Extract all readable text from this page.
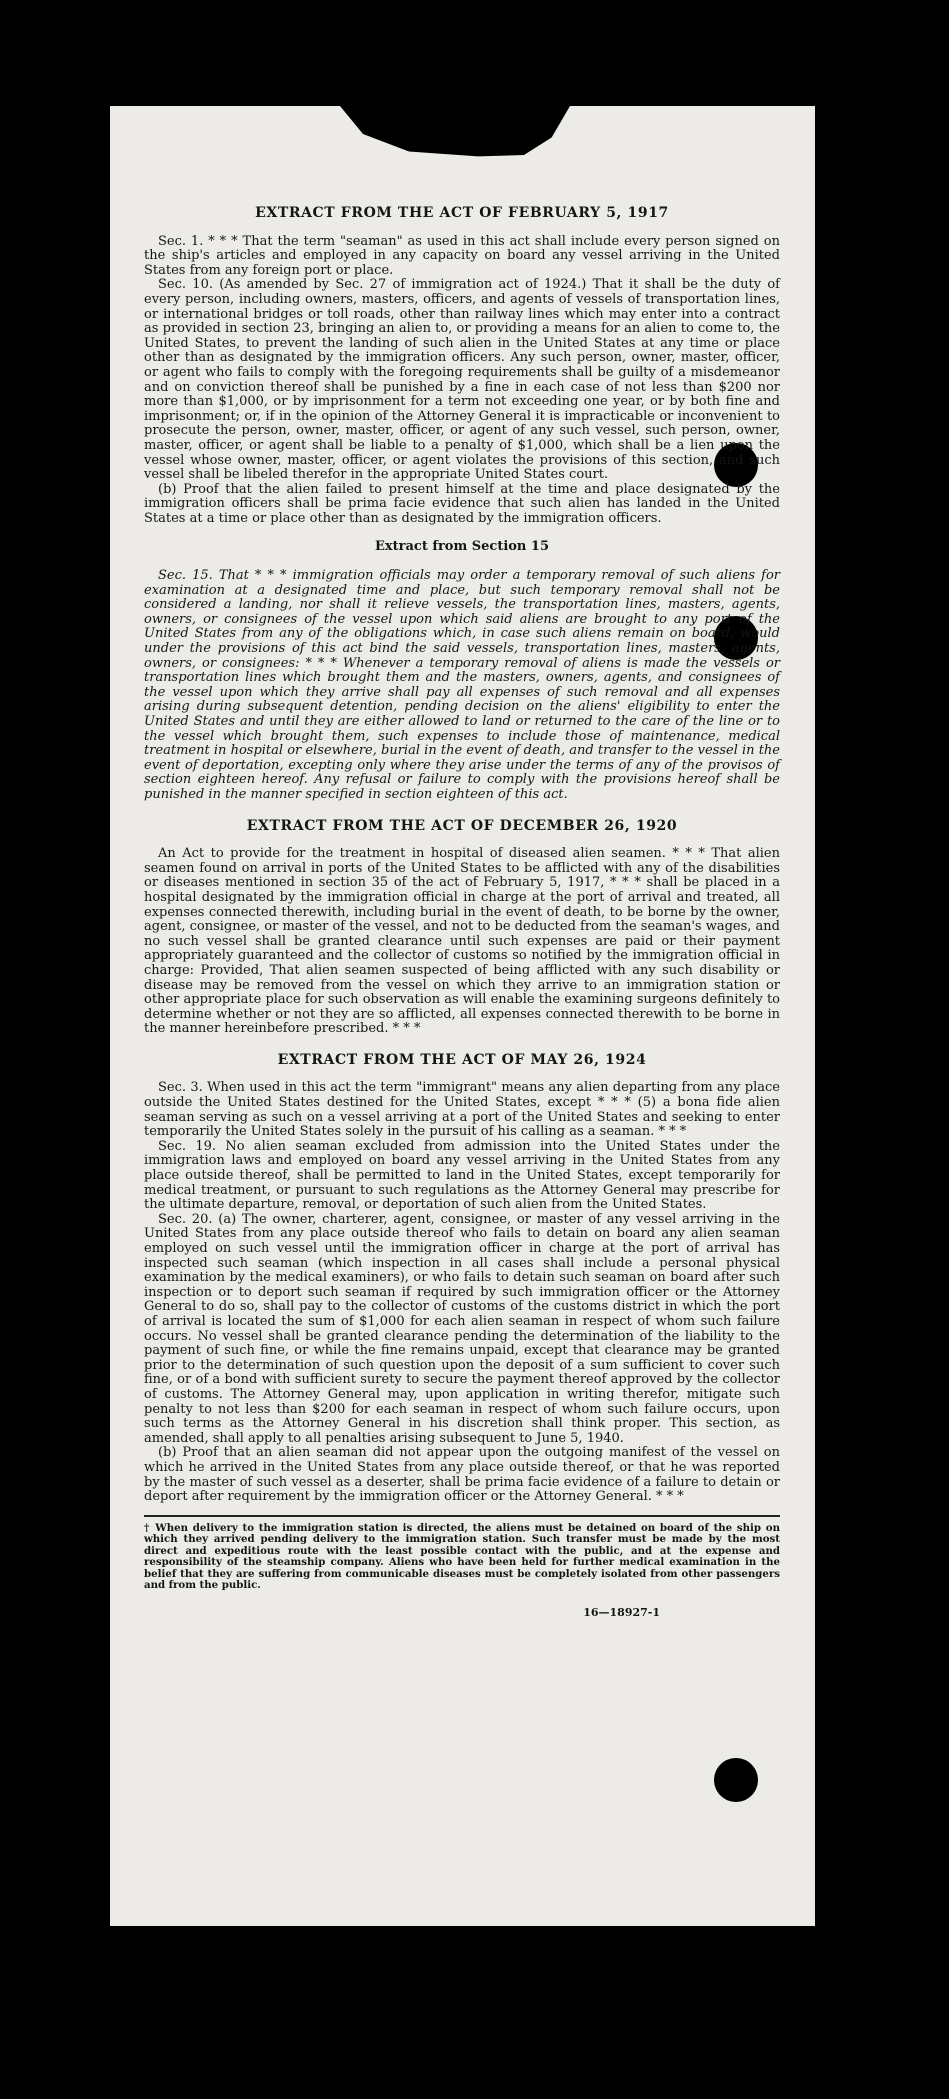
EXTRACT FROM THE ACT OF FEBRUARY 5, 1917

Sec. 1. * * * That the term "seaman" as used in this act shall include every person signed on the ship's articles and employed in any capacity on board any vessel arriving in the United States from any foreign port or place.

Sec. 10. (As amended by Sec. 27 of immigration act of 1924.) That it shall be the duty of every person, including owners, masters, officers, and agents of vessels of transportation lines, or international bridges or toll roads, other than railway lines which may enter into a contract as provided in section 23, bringing an alien to, or providing a means for an alien to come to, the United States, to prevent the landing of such alien in the United States at any time or place other than as designated by the immigration officers. Any such person, owner, master, officer, or agent who fails to comply with the foregoing requirements shall be guilty of a misdemeanor and on conviction thereof shall be punished by a fine in each case of not less than $200 nor more than $1,000, or by imprisonment for a term not exceeding one year, or by both fine and imprisonment; or, if in the opinion of the Attorney General it is impracticable or inconvenient to prosecute the person, owner, master, officer, or agent of any such vessel, such person, owner, master, officer, or agent shall be liable to a penalty of $1,000, which shall be a lien upon the vessel whose owner, master, officer, or agent violates the provisions of this section, and such vessel shall be libeled therefor in the appropriate United States court.

(b) Proof that the alien failed to present himself at the time and place designated by the immigration officers shall be prima facie evidence that such alien has landed in the United States at a time or place other than as designated by the immigration officers.

Extract from Section 15

Sec. 15. That * * * immigration officials may order a temporary removal of such aliens for examination at a designated time and place, but such temporary removal shall not be considered a landing, nor shall it relieve vessels, the transportation lines, masters, agents, owners, or consignees of the vessel upon which said aliens are brought to any port of the United States from any of the obligations which, in case such aliens remain on board, would under the provisions of this act bind the said vessels, transportation lines, masters, agents, owners, or consignees: * * * Whenever a temporary removal of aliens is made the vessels or transportation lines which brought them and the masters, owners, agents, and consignees of the vessel upon which they arrive shall pay all expenses of such removal and all expenses arising during subsequent detention, pending decision on the aliens' eligibility to enter the United States and until they are either allowed to land or returned to the care of the line or to the vessel which brought them, such expenses to include those of maintenance, medical treatment in hospital or elsewhere, burial in the event of death, and transfer to the vessel in the event of deportation, excepting only where they arise under the terms of any of the provisos of section eighteen hereof. Any refusal or failure to comply with the provisions hereof shall be punished in the manner specified in section eighteen of this act.

EXTRACT FROM THE ACT OF DECEMBER 26, 1920

An Act to provide for the treatment in hospital of diseased alien seamen. * * * That alien seamen found on arrival in ports of the United States to be afflicted with any of the disabilities or diseases mentioned in section 35 of the act of February 5, 1917, * * * shall be placed in a hospital designated by the immigration official in charge at the port of arrival and treated, all expenses connected therewith, including burial in the event of death, to be borne by the owner, agent, consignee, or master of the vessel, and not to be deducted from the seaman's wages, and no such vessel shall be granted clearance until such expenses are paid or their payment appropriately guaranteed and the collector of customs so notified by the immigration official in charge: Provided, That alien seamen suspected of being afflicted with any such disability or disease may be removed from the vessel on which they arrive to an immigration station or other appropriate place for such observation as will enable the examining surgeons definitely to determine whether or not they are so afflicted, all expenses connected therewith to be borne in the manner hereinbefore prescribed. * * *

EXTRACT FROM THE ACT OF MAY 26, 1924

Sec. 3. When used in this act the term "immigrant" means any alien departing from any place outside the United States destined for the United States, except * * * (5) a bona fide alien seaman serving as such on a vessel arriving at a port of the United States and seeking to enter temporarily the United States solely in the pursuit of his calling as a seaman. * * *

Sec. 19. No alien seaman excluded from admission into the United States under the immigration laws and employed on board any vessel arriving in the United States from any place outside thereof, shall be permitted to land in the United States, except temporarily for medical treatment, or pursuant to such regulations as the Attorney General may prescribe for the ultimate departure, removal, or deportation of such alien from the United States.

Sec. 20. (a) The owner, charterer, agent, consignee, or master of any vessel arriving in the United States from any place outside thereof who fails to detain on board any alien seaman employed on such vessel until the immigration officer in charge at the port of arrival has inspected such seaman (which inspection in all cases shall include a personal physical examination by the medical examiners), or who fails to detain such seaman on board after such inspection or to deport such seaman if required by such immigration officer or the Attorney General to do so, shall pay to the collector of customs of the customs district in which the port of arrival is located the sum of $1,000 for each alien seaman in respect of whom such failure occurs. No vessel shall be granted clearance pending the determination of the liability to the payment of such fine, or while the fine remains unpaid, except that clearance may be granted prior to the determination of such question upon the deposit of a sum sufficient to cover such fine, or of a bond with sufficient surety to secure the payment thereof approved by the collector of customs. The Attorney General may, upon application in writing therefor, mitigate such penalty to not less than $200 for each seaman in respect of whom such failure occurs, upon such terms as the Attorney General in his discretion shall think proper. This section, as amended, shall apply to all penalties arising subsequent to June 5, 1940.

(b) Proof that an alien seaman did not appear upon the outgoing manifest of the vessel on which he arrived in the United States from any place outside thereof, or that he was reported by the master of such vessel as a deserter, shall be prima facie evidence of a failure to detain or deport after requirement by the immigration officer or the Attorney General. * * *

† When delivery to the immigration station is directed, the aliens must be detained on board of the ship on which they arrived pending delivery to the immigration station. Such transfer must be made by the most direct and expeditious route with the least possible contact with the public, and at the expense and responsibility of the steamship company. Aliens who have been held for further medical examination in the belief that they are suffering from communicable diseases must be completely isolated from other passengers and from the public.
16—18927-1
